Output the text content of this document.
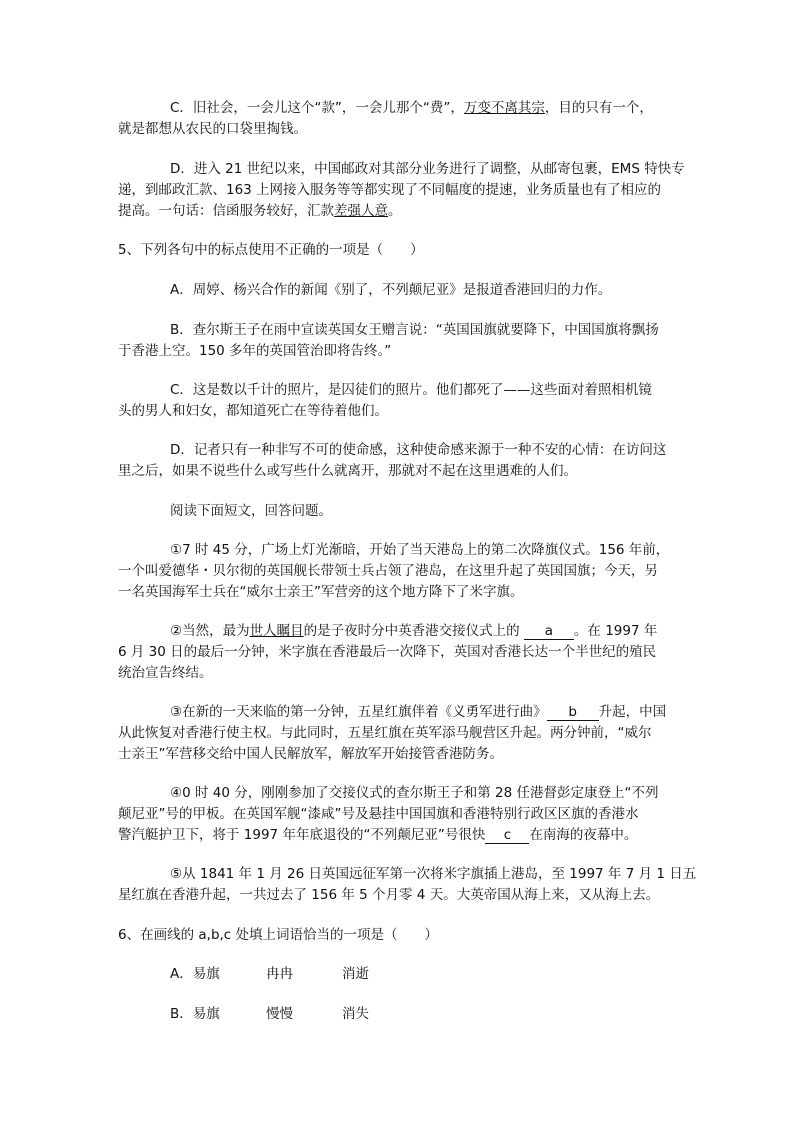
C．旧社会，一会儿这个“款”，一会儿那个“费”，万变不离其宗，目的只有一个，
就是都想从农民的口袋里掏钱。
D．进入 21 世纪以来，中国邮政对其部分业务进行了调整，从邮寄包裹，EMS 特快专
递，到邮政汇款、163 上网接入服务等等都实现了不同幅度的提速，业务质量也有了相应的
提高。一句话：信函服务较好，汇款差强人意。
5、下列各句中的标点使用不正确的一项是（　　）
A．周婷、杨兴合作的新闻《别了，不列颠尼亚》是报道香港回归的力作。
B．查尔斯王子在雨中宣读英国女王赠言说：“英国国旗就要降下，中国国旗将飘扬
于香港上空。150 多年的英国管治即将告终。”
C．这是数以千计的照片，是囚徒们的照片。他们都死了——这些面对着照相机镜
头的男人和妇女，都知道死亡在等待着他们。
D．记者只有一种非写不可的使命感，这种使命感来源于一种不安的心情：在访问这
里之后，如果不说些什么或写些什么就离开，那就对不起在这里遇难的人们。
阅读下面短文，回答问题。
①7 时 45 分，广场上灯光渐暗，开始了当天港岛上的第二次降旗仪式。156 年前，
一个叫爱德华・贝尔彻的英国舰长带领士兵占领了港岛，在这里升起了英国国旗；今天，另
一名英国海军士兵在“威尔士亲王”军营旁的这个地方降下了米字旗。
②当然，最为世人瞩目的是子夜时分中英香港交接仪式上的 a 。在 1997 年
6 月 30 日的最后一分钟，米字旗在香港最后一次降下，英国对香港长达一个半世纪的殖民
统治宣告终结。
③在新的一天来临的第一分钟，五星红旗伴着《义勇军进行曲》 b 升起，中国
从此恢复对香港行使主权。与此同时，五星红旗在英军添马舰营区升起。两分钟前，“威尔
士亲王”军营移交给中国人民解放军，解放军开始接管香港防务。
④0 时 40 分，刚刚参加了交接仪式的查尔斯王子和第 28 任港督彭定康登上“不列
颠尼亚”号的甲板。在英国军舰“漆咸”号及悬挂中国国旗和香港特别行政区区旗的香港水
警汽艇护卫下，将于 1997 年年底退役的“不列颠尼亚”号很快 c 在南海的夜幕中。
⑤从 1841 年 1 月 26 日英国远征军第一次将米字旗插上港岛，至 1997 年 7 月 1 日五
星红旗在香港升起，一共过去了 156 年 5 个月零 4 天。大英帝国从海上来，又从海上去。
6、在画线的 a,b,c 处填上词语恰当的一项是（　　）
A．易旗	冉冉	消逝
B．易旗	慢慢	消失
